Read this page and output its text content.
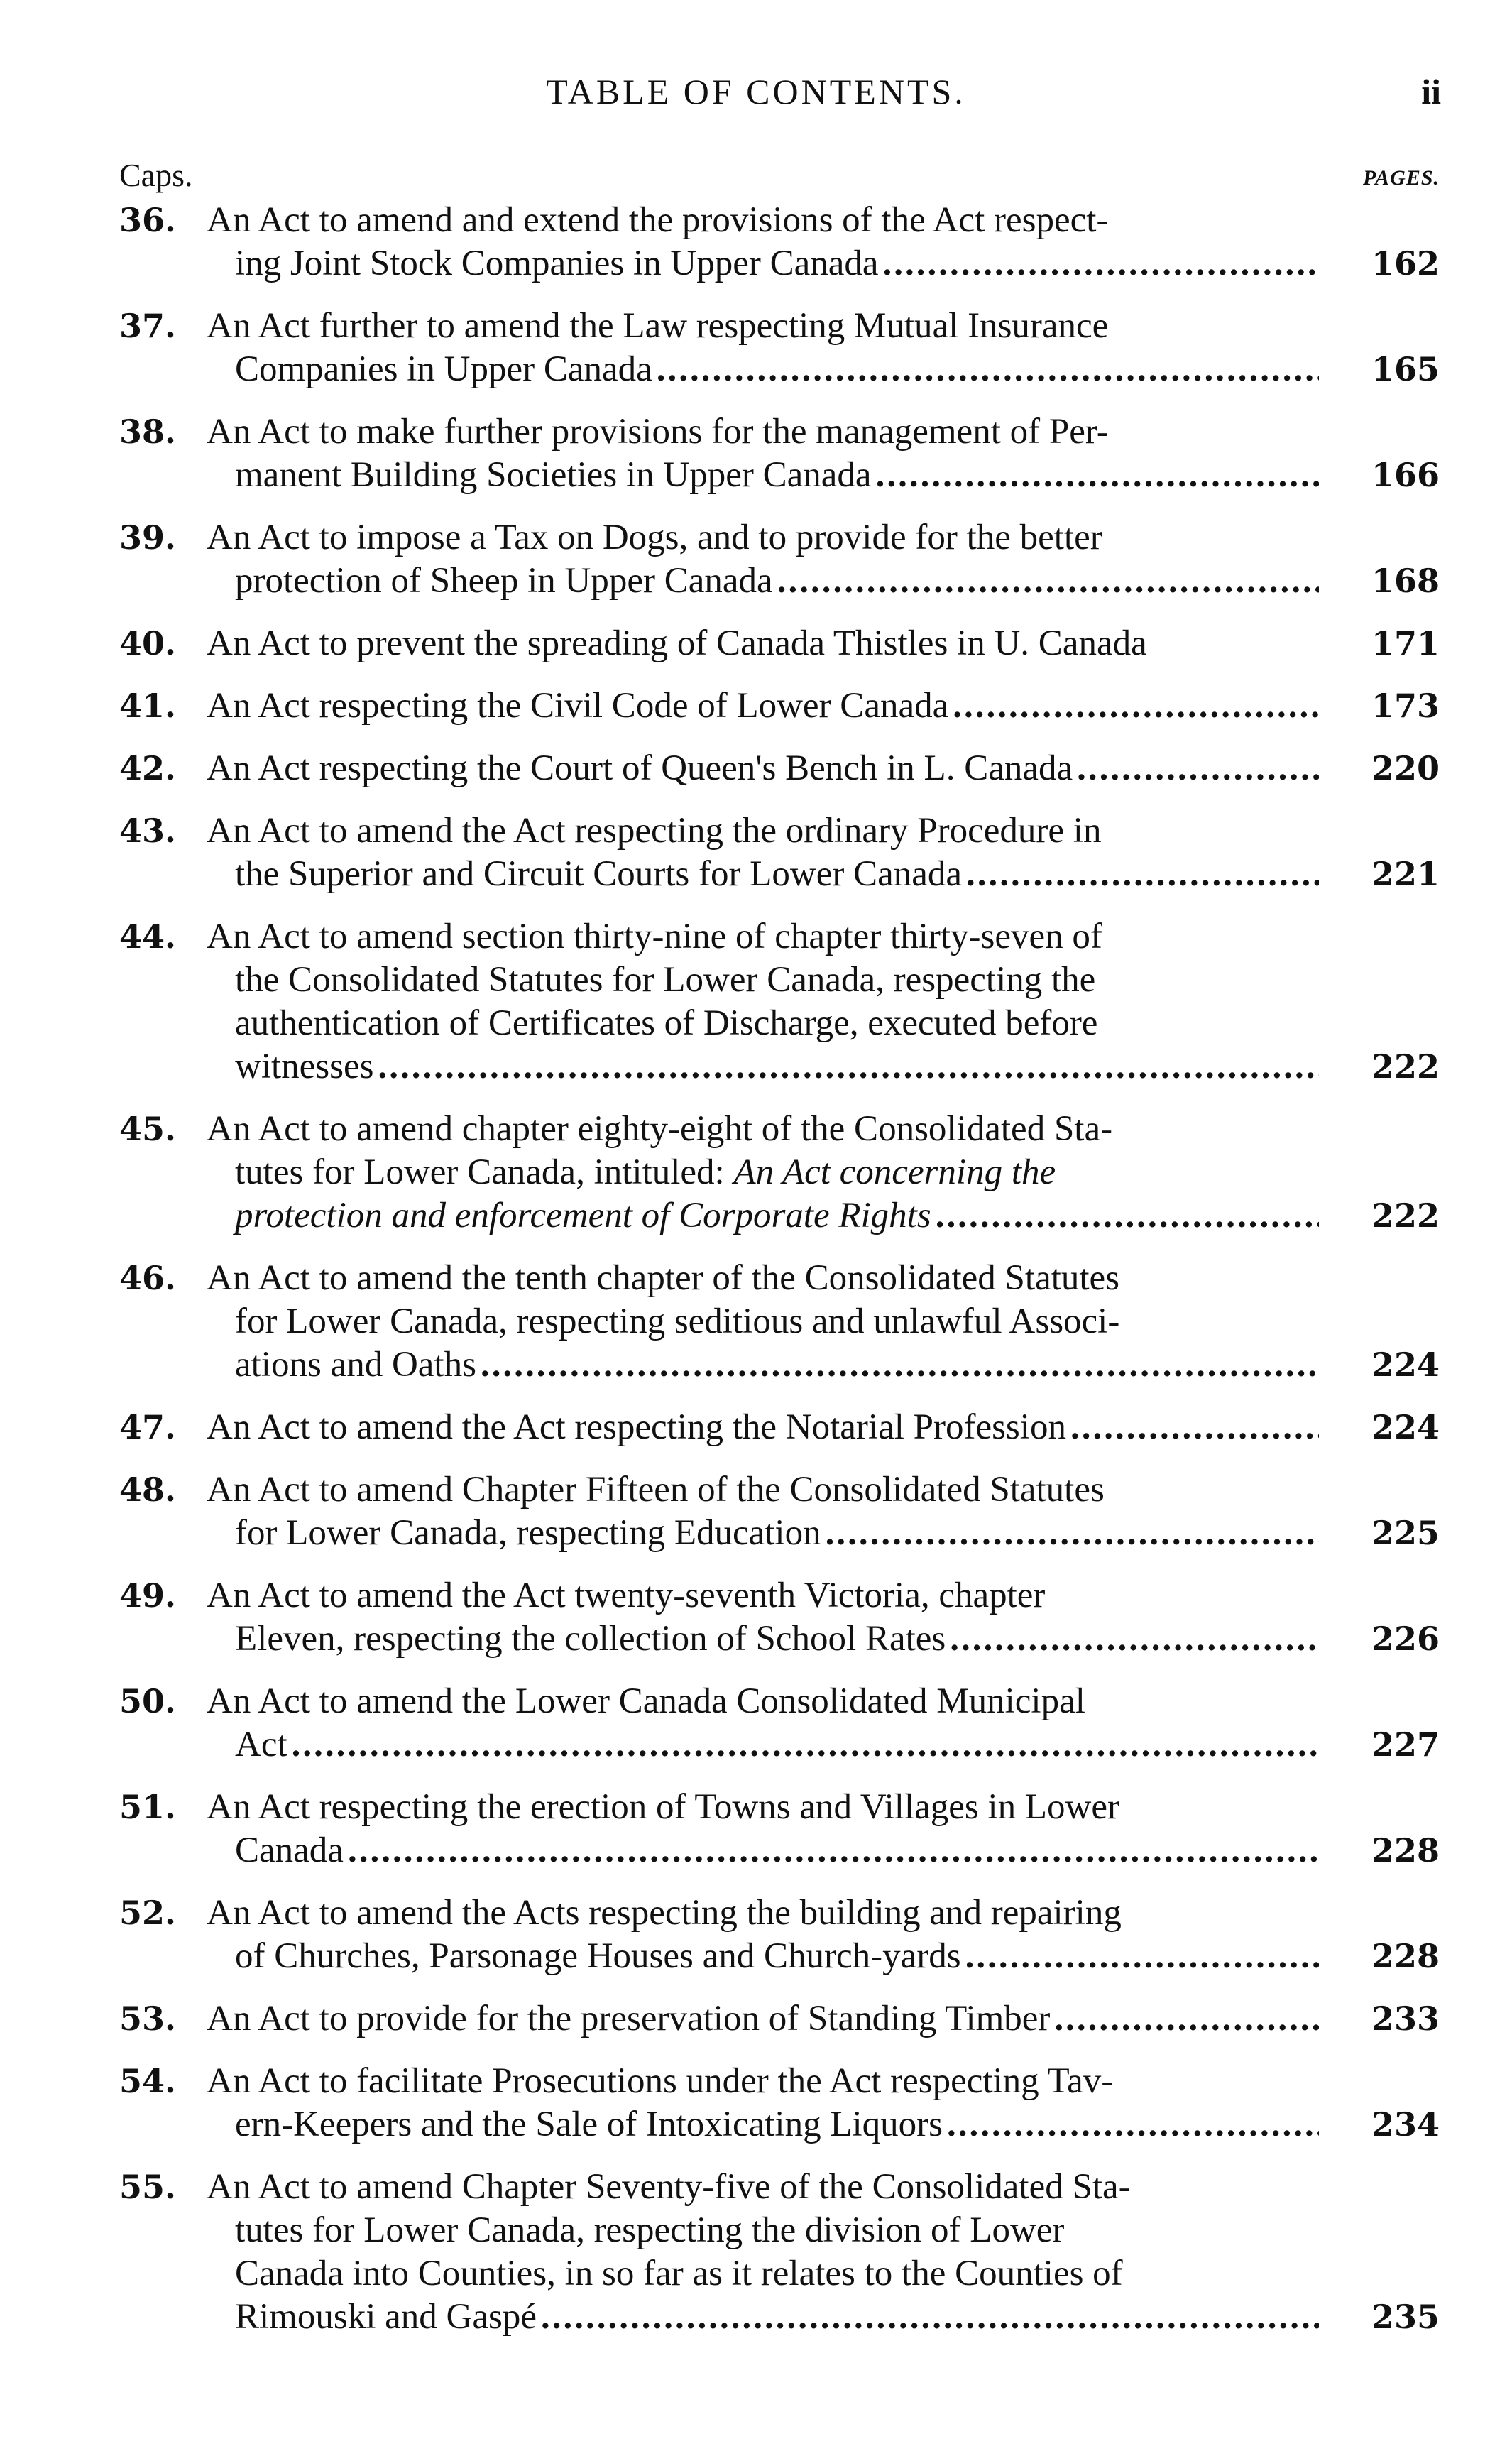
TABLE OF CONTENTS.	ii
Caps.	PAGES.
36. An Act to amend and extend the provisions of the Act respect-
ing Joint Stock Companies in Upper Canada .....	162
37. An Act further to amend the Law respecting Mutual Insurance
Companies in Upper Canada .....	165
38. An Act to make further provisions for the management of Per-
manent Building Societies in Upper Canada .....	166
39. An Act to impose a Tax on Dogs, and to provide for the better
protection of Sheep in Upper Canada .....	168
40. An Act to prevent the spreading of Canada Thistles in U. Canada	171
41. An Act respecting the Civil Code of Lower Canada .....	173
42. An Act respecting the Court of Queen's Bench in L. Canada .....	220
43. An Act to amend the Act respecting the ordinary Procedure in
the Superior and Circuit Courts for Lower Canada .....	221
44. An Act to amend section thirty-nine of chapter thirty-seven of
the Consolidated Statutes for Lower Canada, respecting the
authentication of Certificates of Discharge, executed before
witnesses .....	222
45. An Act to amend chapter eighty-eight of the Consolidated Sta-
tutes for Lower Canada, intituled: An Act concerning the
protection and enforcement of Corporate Rights .....	222
46. An Act to amend the tenth chapter of the Consolidated Statutes
for Lower Canada, respecting seditious and unlawful Associ-
ations and Oaths .....	224
47. An Act to amend the Act respecting the Notarial Profession .....	224
48. An Act to amend Chapter Fifteen of the Consolidated Statutes
for Lower Canada, respecting Education .....	225
49. An Act to amend the Act twenty-seventh Victoria, chapter
Eleven, respecting the collection of School Rates .....	226
50. An Act to amend the Lower Canada Consolidated Municipal
Act .....	227
51. An Act respecting the erection of Towns and Villages in Lower
Canada .....	228
52. An Act to amend the Acts respecting the building and repairing
of Churches, Parsonage Houses and Church-yards .....	228
53. An Act to provide for the preservation of Standing Timber .....	233
54. An Act to facilitate Prosecutions under the Act respecting Tav-
ern-Keepers and the Sale of Intoxicating Liquors .....	234
55. An Act to amend Chapter Seventy-five of the Consolidated Sta-
tutes for Lower Canada, respecting the division of Lower
Canada into Counties, in so far as it relates to the Counties of
Rimouski and Gaspé .....	235
